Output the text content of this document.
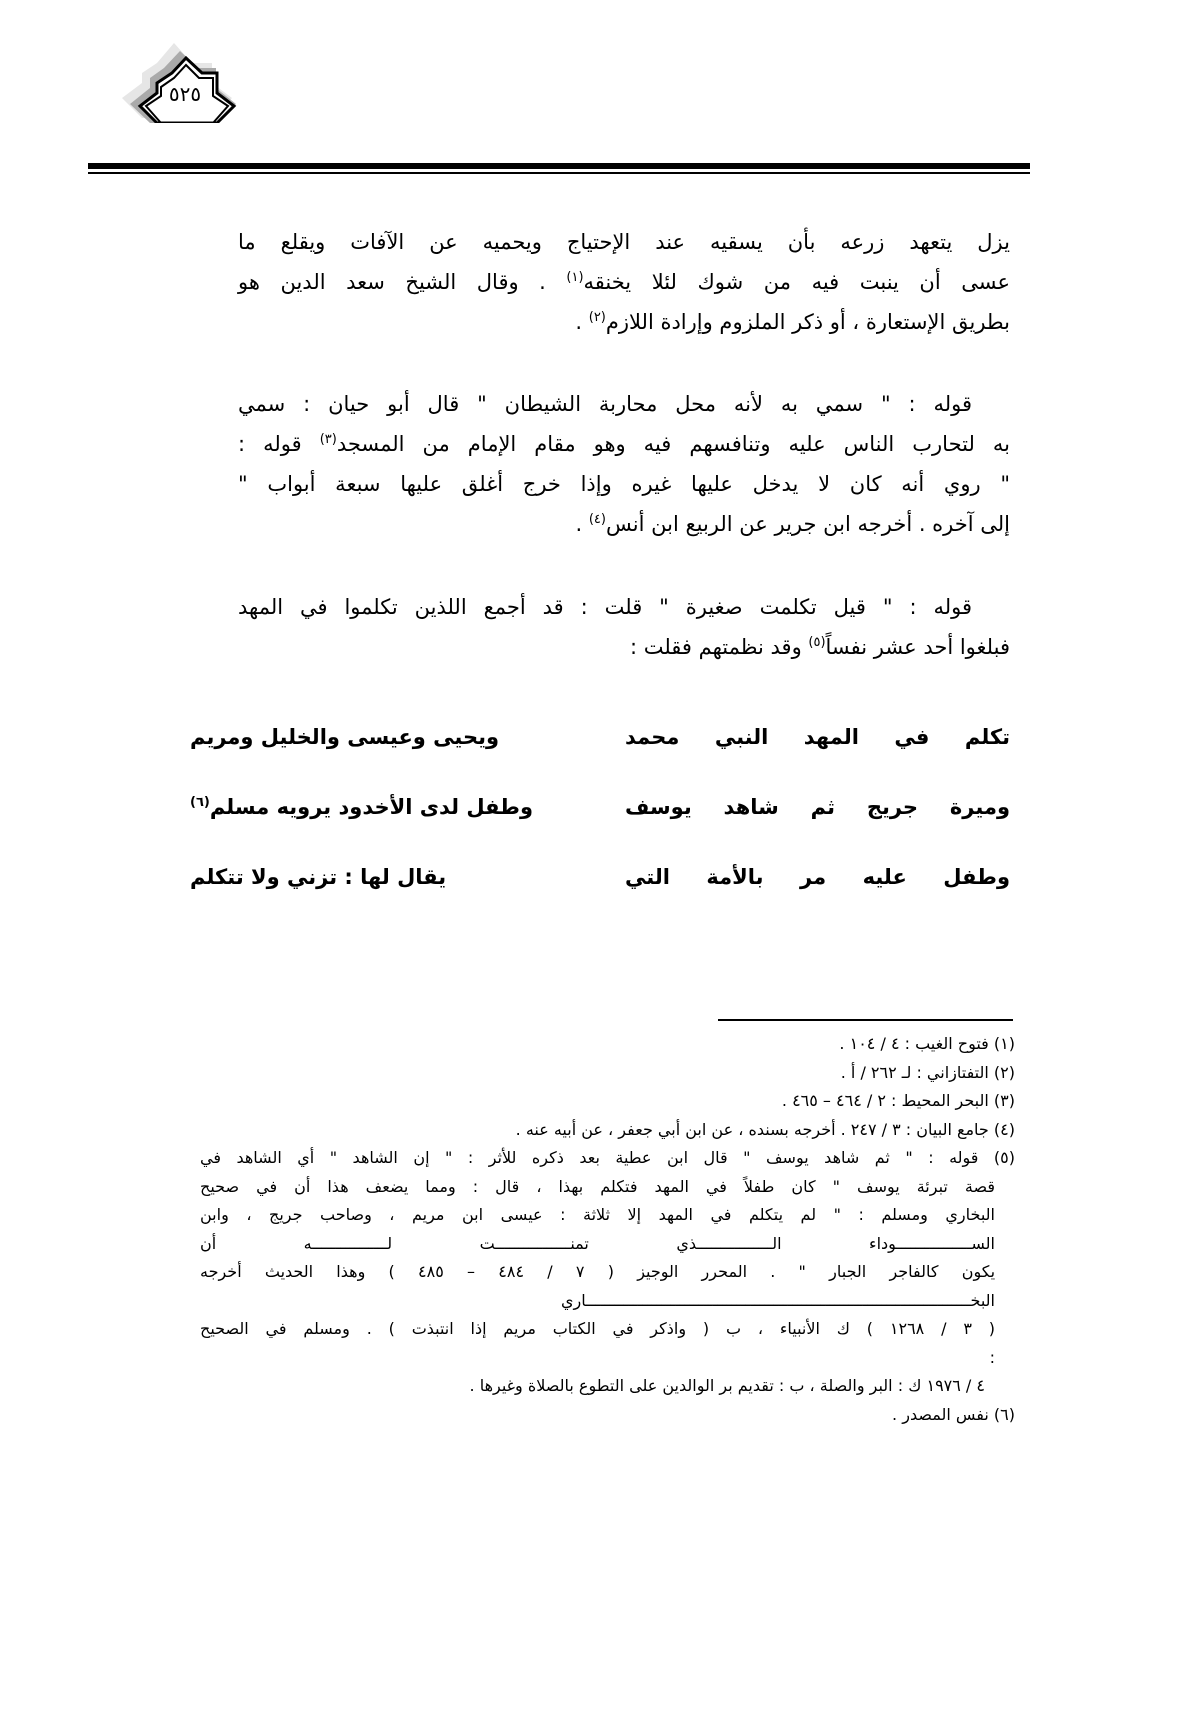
٥٢٥
يزل يتعهد زرعه بأن يسقيه عند الإحتياج ويحميه عن الآفات ويقلع ما
عسى أن ينبت فيه من شوك لئلا يخنقه$^{(١)}$ . وقال الشيخ سعد الدين هو
بطريق الإستعارة ، أو ذكر الملزوم وإرادة اللازم$^{(٢)}$ .
قوله : " سمي به لأنه محل محاربة الشيطان " قال أبو حيان : سمي
به لتحارب الناس عليه وتنافسهم فيه وهو مقام الإمام من المسجد$^{(٣)}$ قوله :
" روي أنه كان لا يدخل عليها غيره وإذا خرج أغلق عليها سبعة أبواب "
إلى آخره . أخرجه ابن جرير عن الربيع ابن أنس$^{(٤)}$ .
قوله : " قيل تكلمت صغيرة " قلت : قد أجمع اللذين تكلموا في المهد
فبلغوا أحد عشر نفساً$^{(٥)}$ وقد نظمتهم فقلت :
تكلم في المهد النبي محمد
ويحيى وعيسى والخليل ومريم
وميرة جريج ثم شاهد يوسف
وطفل لدى الأخدود يرويه مسلم$^{(٦)}$
وطفل عليه مر بالأمة التي
يقال لها : تزني ولا تتكلم
(١) فتوح الغيب : ٤ / ١٠٤ .
(٢) التفتازاني : لـ ٢٦٢ / أ .
(٣) البحر المحيط : ٢ / ٤٦٤ – ٤٦٥ .
(٤) جامع البيان : ٣ / ٢٤٧ . أخرجه بسنده ، عن ابن أبي جعفر ، عن أبيه عنه .
(٥) قوله : " ثم شاهد يوسف " قال ابن عطية بعد ذكره للأثر : " إن الشاهد " أي الشاهد في
قصة تبرئة يوسف " كان طفلاً في المهد فتكلم بهذا ، قال : ومما يضعف هذا أن في صحيح
البخاري ومسلم : " لم يتكلم في المهد إلا ثلاثة : عيسى ابن مريم ، وصاحب جريج ، وابن
الســــــــــــــــوداء الــــــــــــــــذي تمنــــــــــــــــت لــــــــــــــــه أن
يكون كالفاجر الجبار " . المحرر الوجيز ( ٧ / ٤٨٤ – ٤٨٥ ) وهذا الحديث أخرجه
البخــــــــــــــــــــــــــــــــــــــــــــــــــــــــــــــــــــــــــــــــــاري
( ٣ / ١٢٦٨ ) ك الأنبياء ، ب ( واذكر في الكتاب مريم إذا انتبذت ) . ومسلم في الصحيح
:
٤ / ١٩٧٦ ك : البر والصلة ، ب : تقديم بر الوالدين على التطوع بالصلاة وغيرها .
(٦) نفس المصدر .
